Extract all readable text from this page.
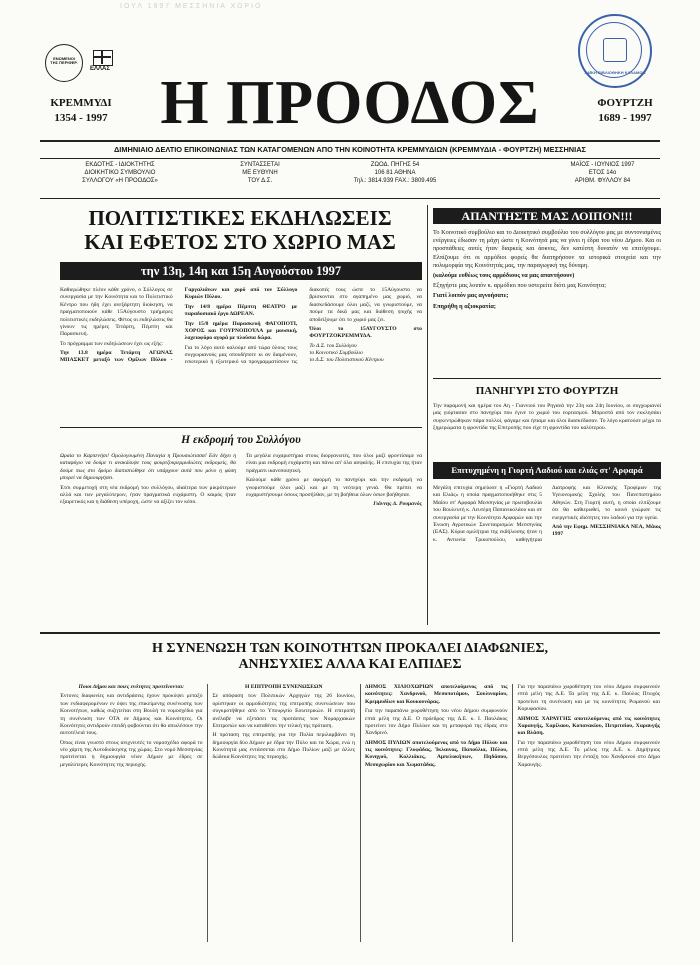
ΙΟΥΛ 1997 ΜΕΣΣΗΝΙΑ ΧΩΡΙΟ
ΕΝΩΜΕΝΟΙ ΤΗΣ ΠΕΡΙΦΕΡ.
ΕΛΛΑΣ
ΛΑΪΚΗ ΒΙΒΛΙΟΘΗΚΗ ΚΑΛΑΜΩΝ
ΚΡΕΜΜΥΔΙ
1354 - 1997 Η ΠΡΟΟΔΟΣ	ΦΟΥΡΤΖΗ
1689 - 1997
ΔΙΜΗΝΙΑΙΟ ΔΕΛΤΙΟ ΕΠΙΚΟΙΝΩΝΙΑΣ ΤΩΝ ΚΑΤΑΓΟΜΕΝΩΝ ΑΠΟ ΤΗΝ ΚΟΙΝΟΤΗΤΑ ΚΡΕΜΜΥΔΙΩΝ (ΚΡΕΜΜΥΔΙΑ - ΦΟΥΡΤΖΗ) ΜΕΣΣΗΝΙΑΣ
ΕΚΔΟΤΗΣ - ΙΔΙΟΚΤΗΤΗΣ
ΔΙΟΙΚΗΤΙΚΟ ΣΥΜΒΟΥΛΙΟ
ΣΥΛΛΟΓΟΥ «Η ΠΡΟΟΔΟΣ»
ΣΥΝΤΑΣΣΕΤΑΙ
ΜΕ ΕΥΘΥΝΗ
ΤΟΥ Δ.Σ.
ΖΩΟΔ. ΠΗΓΗΣ 54
106 81 ΑΘΗΝΑ
Τηλ.: 3814.939 FAX.: 3809.495
ΜΑΪΟΣ - ΙΟΥΝΙΟΣ 1997
ΕΤΟΣ 14ο
ΑΡΙΘΜ. ΦΥΛΛΟΥ 84
ΠΟΛΙΤΙΣΤΙΚΕΣ ΕΚΔΗΛΩΣΕΙΣ
ΚΑΙ ΕΦΕΤΟΣ ΣΤΟ ΧΩΡΙΟ ΜΑΣ
την 13η, 14η και 15η Αυγούστου 1997

Καθιερώθηκε πλέον κάθε χρόνο, ο Σύλλογος σε συνεργασία με την Κοινότητα και το Πολιτιστικό Κέντρο που ήδη έχει ανεξάρτητη διοίκηση, να πραγματοποιούν κάθε 15Αύγουστο τριήμερες πολιτιστικές εκδηλώσεις. Φέτος οι εκδηλώσεις θα γίνουν τις ημέρες Τετάρτη, Πέμπτη και Παρασκευή.

Το πρόγραμμα των εκδηλώσεων έχει ως εξής:

Την 13.8 ημέρα Τετάρτη ΑΓΩΝΑΣ ΜΠΑΣΚΕΤ μεταξύ των Ομίλων Πύλου - Γαργαλιάνων και χορό από τον Σύλλογο Κυριών Πύλου.

Την 14/8 ημέρα Πέμπτη ΘΕΑΤΡΟ με παραδοσιακό έργο ΔΩΡΕΑΝ.

Την 15/8 ημέρα Παρασκευή ΦΑΓΟΠΟΤΙ, ΧΟΡΟΣ και ΓΟΥΡΝΟΠΟΥΛΑ με μουσική, λαχειοφόρο αγορά με πλούσια δώρα.

Για το λόγο αυτό καλούμε από τώρα όλους τους συγχωριανούς μας οπουδήποτε κι αν διαμένουν, εσωτερικό ή εξωτερικό να προγραμματίσουν τις διακοπές τους ώστε το 15Αύγουστο να βρίσκονται στο αγαπημένο μας χωριό, να διασκεδάσουμε όλοι μαζί, να γνωριστούμε, να πούμε τα δικά μας και διάθεση ψυχής να αποδείξουμε ότι το χωριό μας ζει.

Όλοι το 15ΑΥΓΟΥΣΤΟ στο ΦΟΥΡΤΖΟΚΡΕΜΜΥΔΑ.

Το Δ.Σ. του Συλλόγου

το Κοινοτικό Συμβούλιο

το Δ.Σ. του Πολιτιστικού Κέντρου

ΑΠΑΝΤΗΣΤΕ ΜΑΣ ΛΟΙΠΟΝ!!!

Το Κοινοτικό συμβούλιο και το Διοικητικό συμβούλιο του συλλόγου μας με συντονισμένες ενέργειες έδωσαν τη μάχη ώστε η Κοινότητά μας να γίνει η έδρα του νέου Δήμου. Και οι προσπάθειες αυτές ήταν διαρκείς και άοκνες, δεν κατέστη δυνατόν να επιτύχουμε. Ελπίζουμε ότι οι αρμόδιοι φορείς θα διατηρήσουν τα ιστορικά στοιχεία και την πολυμορφία της Κοινότητάς μας, την παραγωγική της δύναμη.

(καλούμε ευθέως τους αρμόδιους να μας απαντήσουν)

Εξηγήστε μας λοιπόν κ. αρμόδιοι που υστερείτε διότι μας Κοινότητα;

Γιατί λοιπόν μας αγνοήσατε;

Επηρήθη η αξιοκρατία;

ΠΑΝΗΓΥΡΙ ΣΤΟ ΦΟΥΡΤΖΗ
Την παραμονή και ημέρα του Αη - Γιαννιού του Ρηγανά την 23η και 24η Ιουνίου, οι συγχωριανοί μας γιόρτασαν στο πανηγύρι που έγινε το χωριό του εορτασμού. Μπροστά από τον εκκλησάκι συγκεντρώθηκαν πάρα πολλοί, φάγαμε και ήπιαμε και όλοι διασκέδασαν. Το λόγο κρατούσε μέχρι τα ξημερώματα η φροντίδα της Επιτροπής που είχε τη φροντίδα του καλύτερου.
Η εκδρομή του Συλλόγου

Ωραία το Καρπενήσι! Ομολογουμένη Παναγία η Προυσιώτισσα! Εάν δέχει η καταφύγιο να δούμε τι ανακάλυψε τους φουρτζοκρεμμυδιώτες εκδρομείς, θα δούμε πως στο δρόμο διαπιστώθηκε ότι υπάρχουν αυτά που μόνο η φύση μπορεί να δημιουργήσει.

Έτσι συμμετοχή στη νέα εκδρομή του συλλόγου, ιδιαίτερα των μικρότερων αλλά και των μεγαλύτερων, ήταν πραγματικά ευχάριστη. Ο καιρός ήταν εξαιρετικός και η διάθεση υπέροχη, ώστε να αξίζει τον κόπο.

Τα μεγάλα ευχαριστήρια στους διοργανωτές, που όλοι μαζί φροντίσαμε να είναι μια εκδρομή ευχάριστη και πάνω απ' όλα ασφαλής. Η επιτυχία της ήταν πράγματι ικανοποιητική.

Καλούμε κάθε χρόνο με αφορμή το πανηγύρι και την εκδρομή να γνωριστούμε όλοι μαζί και με τη νεότερη γενιά. Θα πρέπει να ευχαριστήσουμε όσους προσήλθαν, με τη βοήθεια όλων όσων βοήθησαν.

Γιάννης Δ. Ρουμανός

Επιτυχημένη η Γιορτή Λαδιού και ελιάς στ' Αρφαρά

Μεγάλη επιτυχία σημείωσε η «Γιορτή Λαδιού και Ελιάς» η οποία πραγματοποιήθηκε στις 5 Μαΐου στ' Αρφαρά Μεσσηνίας με πρωτοβουλία του Βουλευτή κ. Λευτέρη Παπανικολάου και σε συνεργασία με την Κοινότητα Αρφαρών και την Ένωση Αγροτικών Συνεταιρισμών Μεσσηνίας (ΕΑΣ). Κύρια ομιλήτρια της εκδήλωσης ήταν η κ. Αντωνία Τρικοπούλου, καθηγήτρια Διατροφής και Κλινικής Τροφίμων της Υγειονομικής Σχολής του Πανεπιστημίου Αθηνών. Στη Γιορτή αυτή, η οποία ελπίζουμε ότι θα καθιερωθεί, το κοινό γνώρισε τις ευεργετικές ιδιότητες του λαδιού για την υγεία.

Από την Εφημ. ΜΕΣΣΗΝΙΑΚΑ ΝΕΑ, Μάιος 1997

Η ΣΥΝΕΝΩΣΗ ΤΩΝ ΚΟΙΝΟΤΗΤΩΝ ΠΡΟΚΑΛΕΙ ΔΙΑΦΩΝΙΕΣ,
ΑΝΗΣΥΧΙΕΣ ΑΛΛΑ ΚΑΙ ΕΛΠΙΔΕΣ

Ποιοι Δήμοι και ποιες ενότητες προτείνονται:

Έντονες διαφωνίες και αντιδράσεις έχουν προκύψει μεταξύ των ενδιαφερομένων εν όψει της επικείμενης συνένωσης των Κοινοτήτων, καθώς συζητείται στη Βουλή το νομοσχέδιο για τη συνένωση των ΟΤΑ σε Δήμους και Κοινότητες. Οι Κοινότητες αντιδρούν επειδή φοβούνται ότι θα απωλέσουν την αυτοτέλειά τους.

Όπως είναι γνωστό στους ανιχνευτές το νομοσχέδιο αφορά το νέο χάρτη της Αυτοδιοίκησης της χώρας. Στο νομό Μεσσηνίας προτείνεται η δημιουργία νέων Δήμων με έδρες σε μεγαλύτερες Κοινότητες της περιοχής.

Η ΕΠΙΤΡΟΠΗ ΣΥΝΕΝΩΣΕΩΝ

Σε απόφαση των Πολιτικών Αρχηγών της 26 Ιουνίου, ορίστηκαν οι αρμοδιότητες της επιτροπής συνενώσεων που συγκροτήθηκε από το Υπουργείο Εσωτερικών. Η επιτροπή ανέλαβε να εξετάσει τις προτάσεις των Νομαρχιακών Επιτροπών και να καταθέσει την τελική της πρόταση.

Η πρόταση της επιτροπής για την Πυλία περιλαμβάνει τη δημιουργία δύο Δήμων με έδρα την Πύλο και τα Χώρα, ενώ η Κοινότητά μας εντάσσεται στο Δήμο Πυλίων μαζί με άλλες δώδεκα Κοινότητες της περιοχής.

ΔΗΜΟΣ ΧΙΛΙΟΧΩΡΙΩΝ αποτελούμενος από τις κοινότητες: Χανδρινού, Μεσοποτάμου, Σουλιναρίου, Κρεμμυδίων και Κουκουνάρας.

Για την παραπάνω χωροθέτηση του νέου Δήμου συμφωνούν επτά μέλη της Δ.Ε. Ο πρόεδρος της Δ.Ε. κ. Ι. Παυλάκος προτείνει τον Δήμο Πυλίων και τη μεταφορά της έδρας στο Χανδρινό.

ΔΗΜΟΣ ΠΥΛΙΩΝ αποτελούμενος από το Δήμο Πύλου και τις κοινότητες: Γλυφάδας, Ίκλαινας, Παπούλια, Πύλου, Κυνηγού, Κολλιάκες, Αμπελοκήπων, Πηδάσου, Μεσοχωρίου και Χωματάδας.

Για την παραπάνω χωροθέτηση του νέου Δήμου συμφωνούν επτά μέλη της Δ.Ε. Τα μέλη της Δ.Ε. κ. Παύλος Πτωχός προτείνει τη συνένωση και με τις κοινότητες Ρωμανού και Κορυφασίου.

ΔΗΜΟΣ ΧΑΡΑΥΓΗΣ αποτελούμενος από τις κοινότητες Χαραυγής, Χαρίλαου, Κοπανακίου, Πετριτσίου, Χαραυγής και Βλάση.

Για την παραπάνω χωροθέτηση του νέου Δήμου συμφωνούν επτά μέλη της Δ.Ε. Το μέλος της Δ.Ε. κ. Δημήτριος Βεργόπουλος προτείνει την ένταξη του Χανδρινού στο Δήμο Χαραυγής.
